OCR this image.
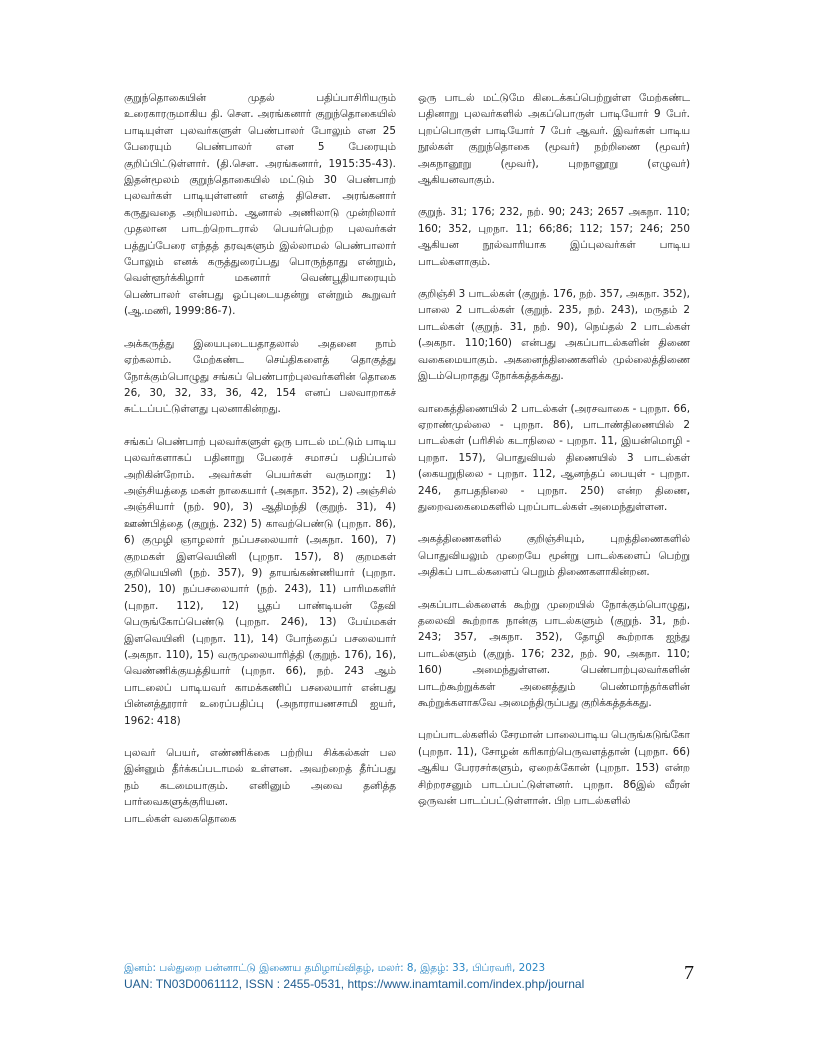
குறுந்தொகையின் முதல் பதிப்பாசிரியரும் உரைகாரருமாகிய தி. சௌ. அரங்கனார் குறுந்தொகையில் பாடியுள்ள புலவர்களுள் பெண்பாலர் போலும் என 25 பேரையும் பெண்பாலர் என 5 பேரையும் குறிப்பிட்டுள்ளார். (தி.சௌ. அரங்கனார், 1915:35-43). இதன்மூலம் குறுந்தொகையில் மட்டும் 30 பெண்பாற் புலவர்கள் பாடியுள்ளனர் எனத் திசௌ. அரங்கனார் கருதுவதை அறியலாம். ஆனால் அணிலாடு முன்றிலார் முதலான பாடற்றொடரால் பெயர்பெற்ற புலவர்கள் பத்துப்பேரை எந்தத் தரவுகளும் இல்லாமல் பெண்பாலார் போலும் எனக் கருத்துரைப்பது பொருந்தாது என்றும், வெள்ளூர்க்கிழார் மகனார் வெண்பூதியாரையும் பெண்பாலர் என்பது ஓப்புடையதன்று என்றும் கூறுவர் (ஆ.மணி, 1999:86-7).

அக்கருத்து இயைபுடையதாதலால் அதனை நாம் ஏற்கலாம். மேற்கண்ட செய்திகளைத் தொகுத்து நோக்கும்பொழுது சங்கப் பெண்பாற்புலவர்களின் தொகை 26, 30, 32, 33, 36, 42, 154 எனப் பலவாறாகச் சுட்டப்பட்டுள்ளது புலனாகின்றது.

சங்கப் பெண்பாற் புலவர்களுள் ஒரு பாடல் மட்டும் பாடிய புலவர்களாகப் பதினாறு பேரைச் சமாசப் பதிப்பால் அறிகின்றோம். அவர்கள் பெயர்கள் வருமாறு: 1) அஞ்சியத்தை மகள் நாகையார் (அகநா. 352), 2) அஞ்சில் அஞ்சியார் (நற். 90), 3) ஆதிமந்தி (குறுந். 31), 4) ஊண்பித்தை (குறுந். 232) 5) காவற்பெண்டு (புறநா. 86), 6) குமுழி ஞாழலார் நப்பசலையார் (அகநா. 160), 7) குறமகள் இளவெயினி (புறநா. 157), 8) குறமகள் குறியெயினி (நற். 357), 9) தாயங்கண்ணியார் (புறநா. 250), 10) நப்பசலையார் (நற். 243), 11) பாரிமகளிர் (புறநா. 112), 12) பூதப் பாண்டியன் தேவி பெருங்கோப்பெண்டு (புறநா. 246), 13) பேய்மகள் இளவெயினி (புறநா. 11), 14) போந்தைப் பசலையார் (அகநா. 110), 15) வருமுலையாரித்தி (குறுந். 176), 16), வெண்ணிக்குயத்தியார் (புறநா. 66), நற். 243 ஆம் பாடலைப் பாடியவர் காமக்கணிப் பசலையார் என்பது பின்னத்தூரார் உரைப்பதிப்பு (அநாராயணசாமி ஐயர், 1962: 418)

புலவர் பெயர், எண்ணிக்கை பற்றிய சிக்கல்கள் பல இன்னும் தீர்க்கப்படாமல் உள்ளன. அவற்றைத் தீர்ப்பது நம் கடமையாகும். எனினும் அவை தனித்த பார்வைகளுக்குரியன.

பாடல்கள் வகைதொகை

ஒரு பாடல் மட்டுமே கிடைக்கப்பெற்றுள்ள மேற்கண்ட பதினாறு புலவர்களில் அகப்பொருள் பாடியோர் 9 பேர். புறப்பொருள் பாடியோர் 7 பேர் ஆவர். இவர்கள் பாடிய நூல்கள் குறுந்தொகை (மூவர்) நற்றிணை (மூவர்) அகநானூறு (மூவர்), புறநானூறு (எழுவர்) ஆகியனவாகும்.

குறுந். 31; 176; 232, நற். 90; 243; 2657 அகநா. 110; 160; 352, புறநா. 11; 66;86; 112; 157; 246; 250 ஆகியன நூல்வாரியாக இப்புலவர்கள் பாடிய பாடல்களாகும்.

குறிஞ்சி 3 பாடல்கள் (குறுந். 176, நற். 357, அகநா. 352), பாலை 2 பாடல்கள் (குறுந். 235, நற். 243), மருதம் 2 பாடல்கள் (குறுந். 31, நற். 90), நெய்தல் 2 பாடல்கள் (அகநா. 110;160) என்பது அகப்பாடல்களின் திணை வகைமையாகும். அகனைந்திணைகளில் முல்லைத்திணை இடம்பெறாதது நோக்கத்தக்கது.

வாகைத்திணையில் 2 பாடல்கள் (அரசவாகை - புறநா. 66, ஏறாண்முல்லை - புறநா. 86), பாடாண்திணையில் 2 பாடல்கள் (பரிசில் கடாநிலை - புறநா. 11, இயன்மொழி - புறநா. 157), பொதுவியல் திணையில் 3 பாடல்கள் (கையறுநிலை - புறநா. 112, ஆனந்தப் பையுள் - புறநா. 246, தாபதநிலை - புறநா. 250) என்ற திணை, துறைவகைமைகளில் புறப்பாடல்கள் அமைந்துள்ளன.

அகத்திணைகளில் குறிஞ்சியும், புறத்திணைகளில் பொதுவியலும் முறையே மூன்று பாடல்களைப் பெற்று அதிகப் பாடல்களைப் பெறும் திணைகளாகின்றன.

அகப்பாடல்களைக் கூற்று முறையில் நோக்கும்பொழுது, தலைவி கூற்றாக நான்கு பாடல்களும் (குறுந். 31, நற். 243; 357, அகநா. 352), தோழி கூற்றாக ஐந்து பாடல்களும் (குறுந். 176; 232, நற். 90, அகநா. 110; 160) அமைந்துள்ளன. பெண்பாற்புலவர்களின் பாடற்கூற்றுக்கள் அனைத்தும் பெண்மாந்தர்களின் கூற்றுக்களாகவே அமைந்திருப்பது குறிக்கத்தக்கது.

புறப்பாடல்களில் சேரமான் பாலைபாடிய பெருங்கடுங்கோ (புறநா. 11), சோழன் கரிகாற்பெருவளத்தான் (புறநா. 66) ஆகிய பேரரசர்களும், ஏறைக்கோன் (புறநா. 153) என்ற சிற்றரசனும் பாடப்பட்டுள்ளனர். புறநா. 86இல் வீரன் ஒருவன் பாடப்பட்டுள்ளான். பிற பாடல்களில்

இனம்: பல்துறை பன்னாட்டு இணைய தமிழாய்விதழ், மலர்: 8, இதழ்: 33, பிப்ரவரி, 2023
UAN: TN03D0061112, ISSN : 2455-0531, https://www.inamtamil.com/index.php/journal	7
